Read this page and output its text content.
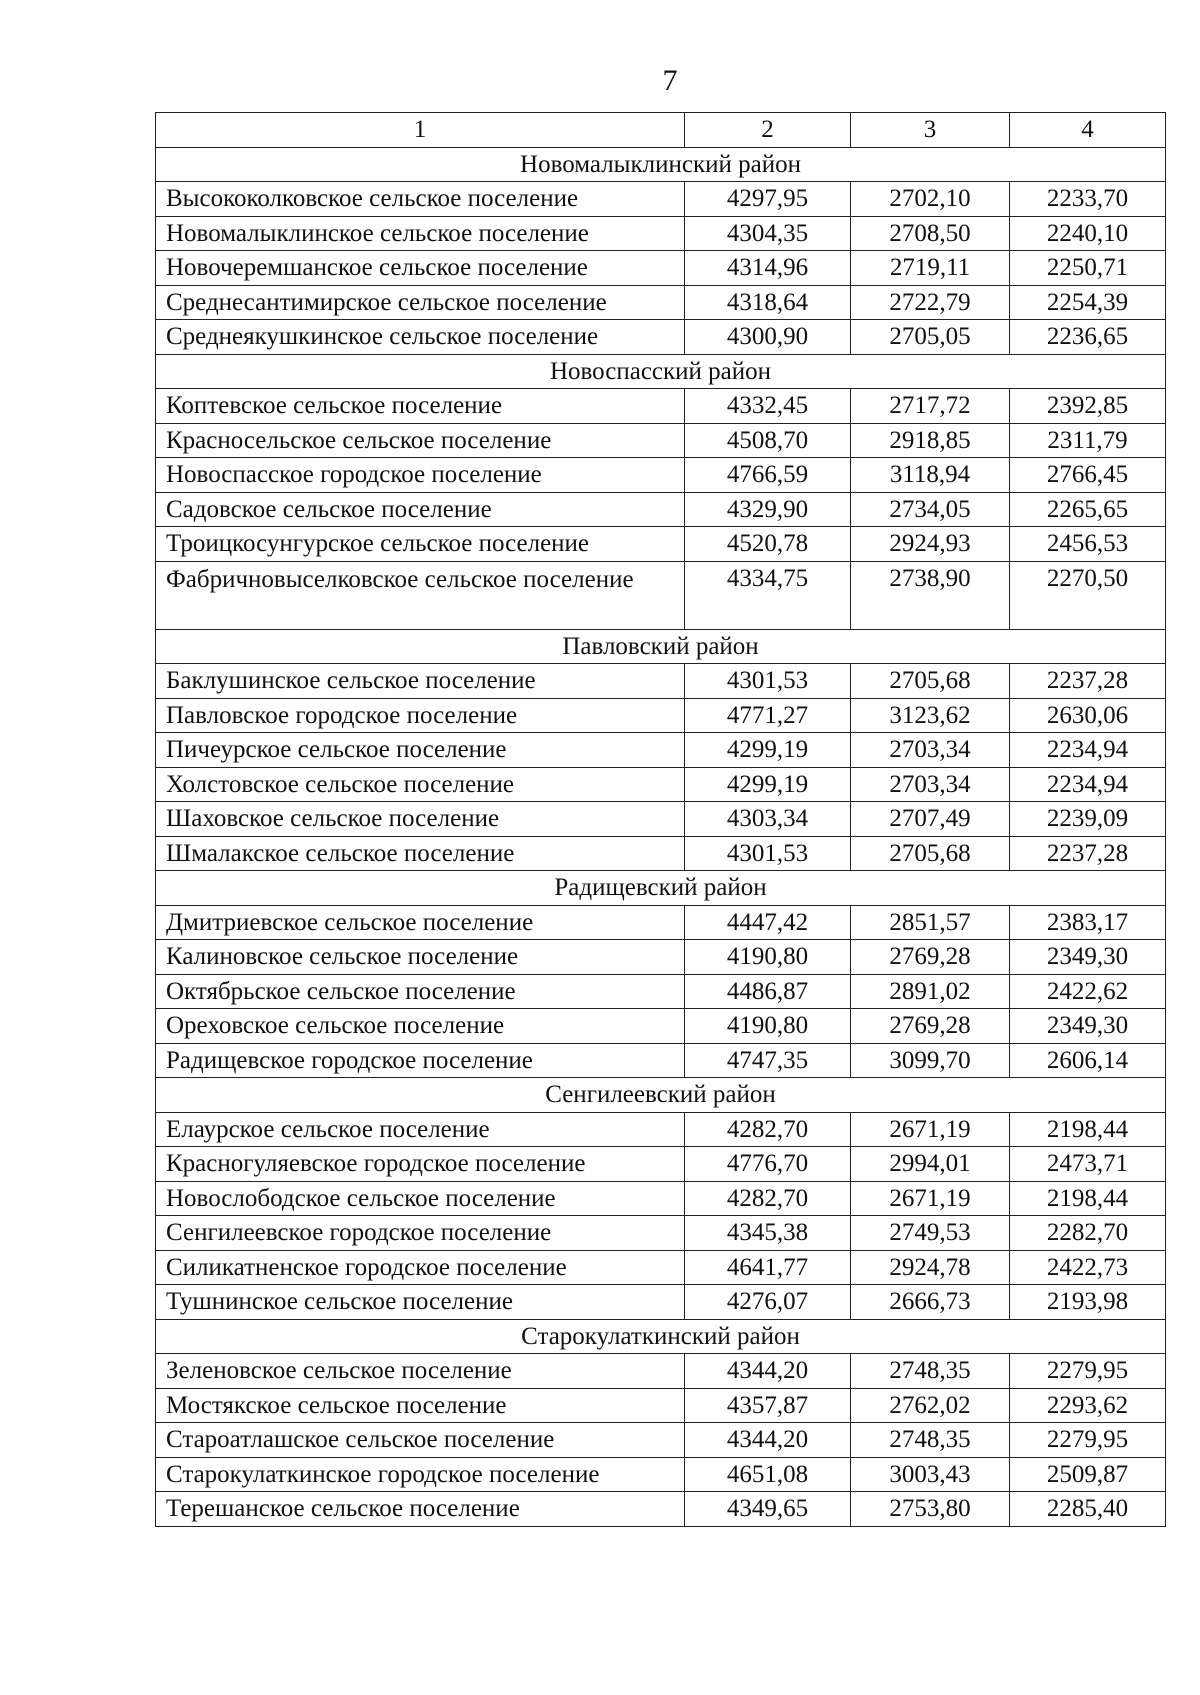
7
1	2	3	4
Новомалыклинский район			
Высококолковское сельское поселение	4297,95	2702,10	2233,70
Новомалыклинское сельское поселение	4304,35	2708,50	2240,10
Новочеремшанское сельское поселение	4314,96	2719,11	2250,71
Среднесантимирское сельское поселение	4318,64	2722,79	2254,39
Среднеякушкинское сельское поселение	4300,90	2705,05	2236,65
Новоспасский район			
Коптевское сельское поселение	4332,45	2717,72	2392,85
Красносельское сельское поселение	4508,70	2918,85	2311,79
Новоспасское городское поселение	4766,59	3118,94	2766,45
Садовское сельское поселение	4329,90	2734,05	2265,65
Троицкосунгурское сельское поселение	4520,78	2924,93	2456,53
Фабричновыселковское сельское поселение	4334,75	2738,90	2270,50
Павловский район			
Баклушинское сельское поселение	4301,53	2705,68	2237,28
Павловское городское поселение	4771,27	3123,62	2630,06
Пичеурское сельское поселение	4299,19	2703,34	2234,94
Холстовское сельское поселение	4299,19	2703,34	2234,94
Шаховское сельское поселение	4303,34	2707,49	2239,09
Шмалакское сельское поселение	4301,53	2705,68	2237,28
Радищевский район			
Дмитриевское сельское поселение	4447,42	2851,57	2383,17
Калиновское сельское поселение	4190,80	2769,28	2349,30
Октябрьское сельское поселение	4486,87	2891,02	2422,62
Ореховское сельское поселение	4190,80	2769,28	2349,30
Радищевское городское поселение	4747,35	3099,70	2606,14
Сенгилеевский район			
Елаурское сельское поселение	4282,70	2671,19	2198,44
Красногуляевское городское поселение	4776,70	2994,01	2473,71
Новослободское сельское поселение	4282,70	2671,19	2198,44
Сенгилеевское городское поселение	4345,38	2749,53	2282,70
Силикатненское городское поселение	4641,77	2924,78	2422,73
Тушнинское сельское поселение	4276,07	2666,73	2193,98
Старокулаткинский район			
Зеленовское сельское поселение	4344,20	2748,35	2279,95
Мостякское сельское поселение	4357,87	2762,02	2293,62
Староатлашское сельское поселение	4344,20	2748,35	2279,95
Старокулаткинское городское поселение	4651,08	3003,43	2509,87
Терешанское сельское поселение	4349,65	2753,80	2285,40
